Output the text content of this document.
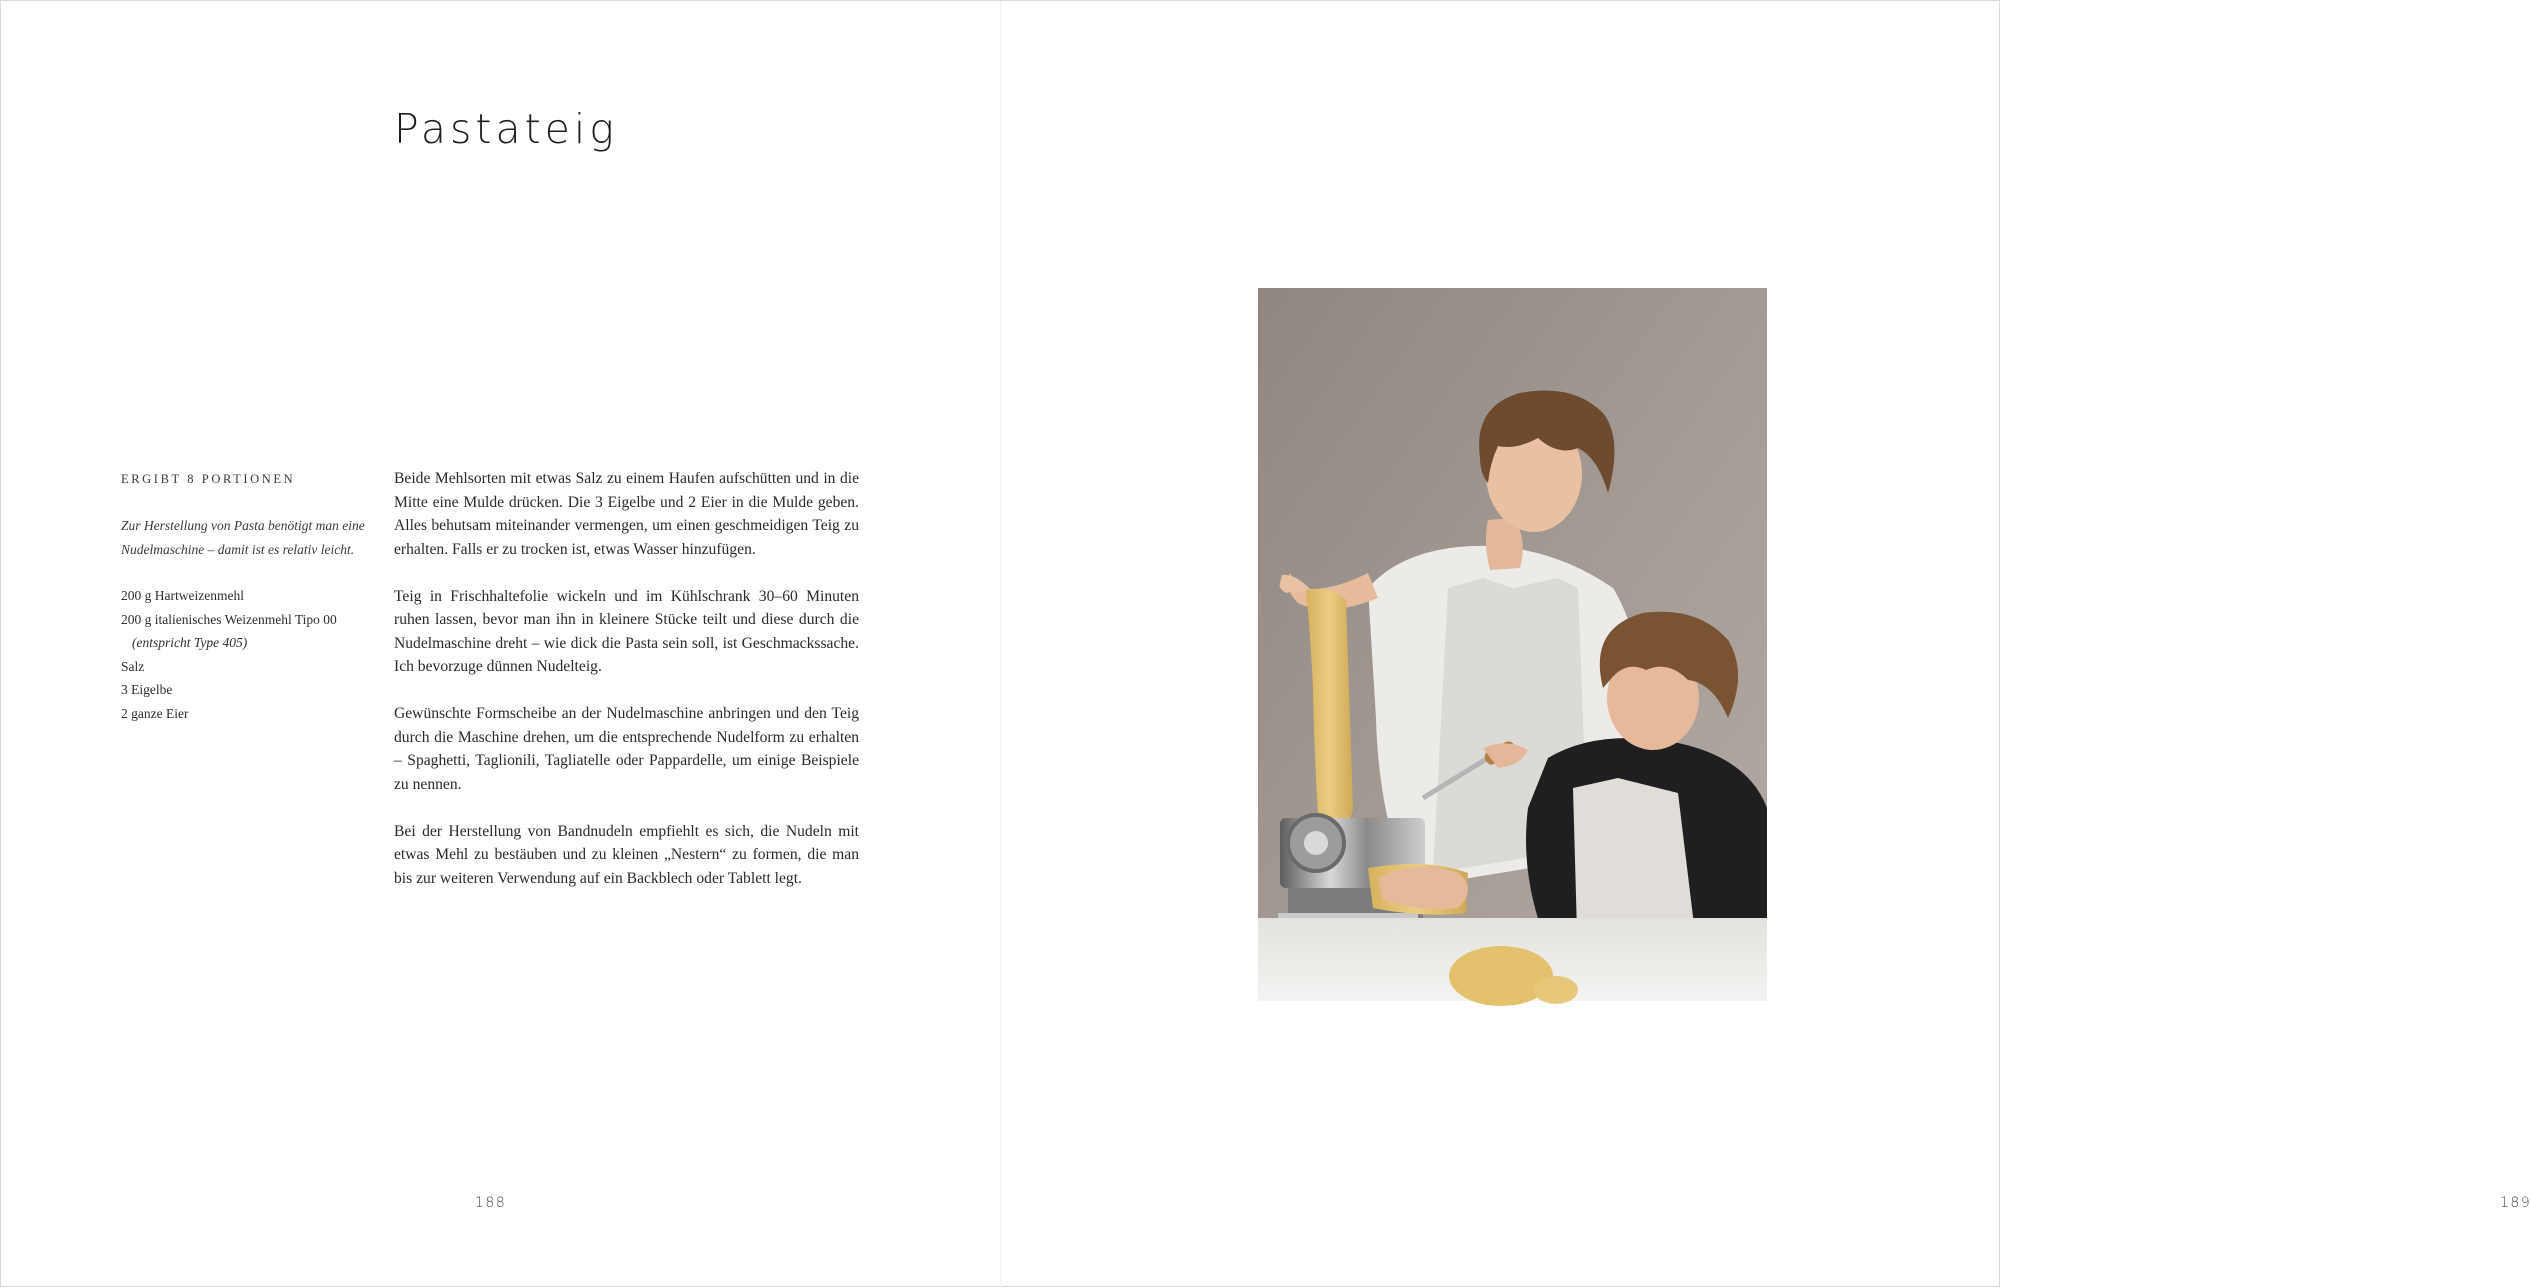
Pastateig
ERGIBT 8 PORTIONEN
Zur Herstellung von Pasta benötigt man eine Nudelmaschine – damit ist es relativ leicht.
200 g Hartweizenmehl
200 g italienisches Weizenmehl Tipo 00
(entspricht Type 405)
Salz
3 Eigelbe
2 ganze Eier

Beide Mehlsorten mit etwas Salz zu einem Haufen aufschütten und in die Mitte eine Mulde drücken. Die 3 Eigelbe und 2 Eier in die Mulde geben. Alles behutsam miteinander vermengen, um einen geschmeidigen Teig zu erhalten. Falls er zu trocken ist, etwas Wasser hinzufügen.

Teig in Frischhaltefolie wickeln und im Kühlschrank 30–60 Minuten ruhen lassen, bevor man ihn in kleinere Stücke teilt und diese durch die Nudelmaschine dreht – wie dick die Pasta sein soll, ist Geschmackssache. Ich bevorzuge dünnen Nudelteig.

Gewünschte Formscheibe an der Nudelmaschine anbringen und den Teig durch die Maschine drehen, um die entsprechende Nudelform zu erhalten – Spaghetti, Taglionili, Tagliatelle oder Pappardelle, um einige Beispiele zu nennen.

Bei der Herstellung von Bandnudeln empfiehlt es sich, die Nudeln mit etwas Mehl zu bestäuben und zu kleinen „Nestern“ zu formen, die man bis zur weiteren Verwendung auf ein Backblech oder Tablett legt.

188	189
